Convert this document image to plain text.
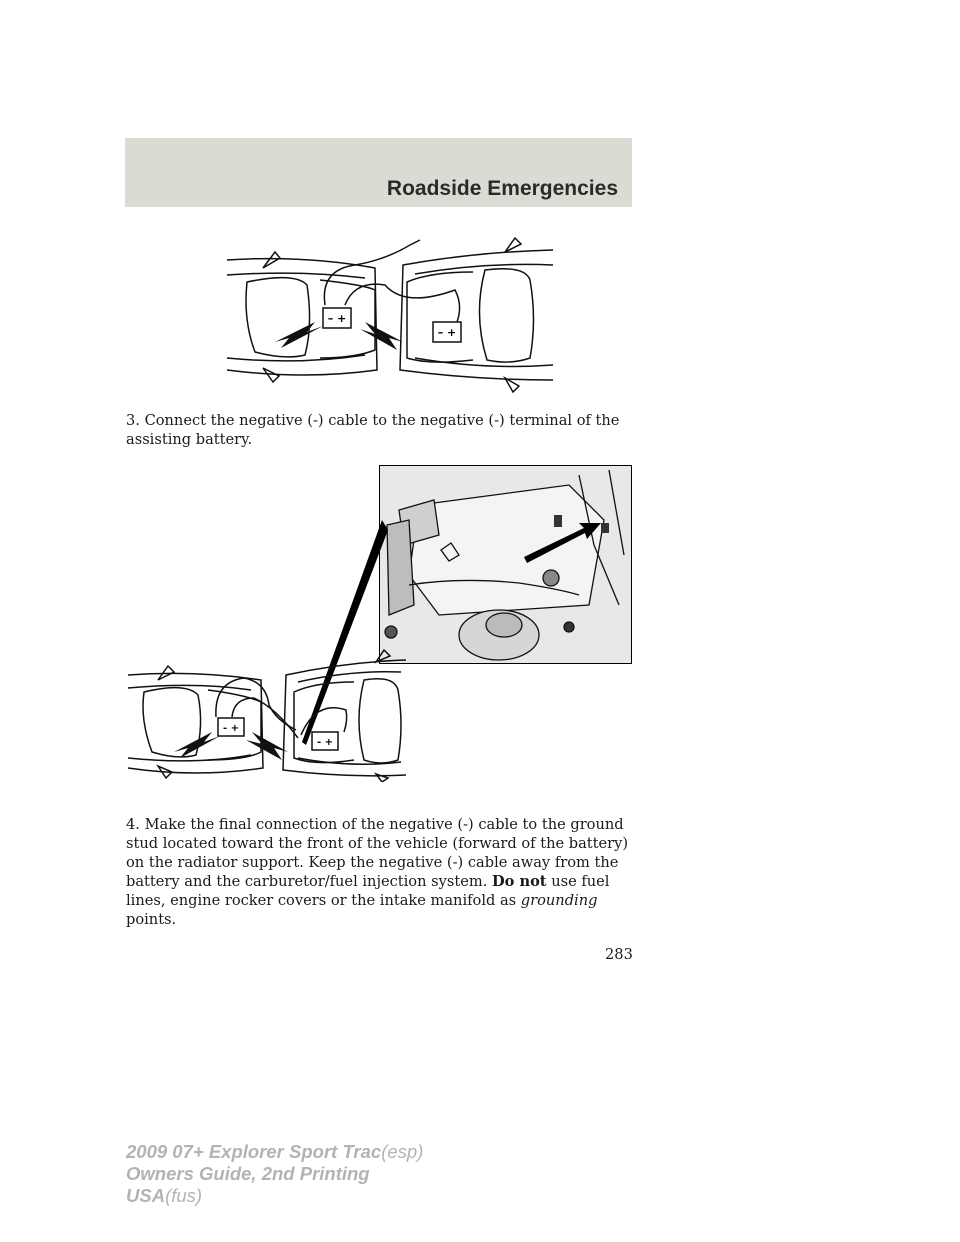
Roadside Emergencies
– +
– +
3. Connect the negative (-) cable to the negative (-) terminal of the assisting battery.
- +
- +
4. Make the final connection of the negative (-) cable to the ground stud located toward the front of the vehicle (forward of the battery) on the radiator support. Keep the negative (-) cable away from the battery and the carburetor/fuel injection system. Do not use fuel lines, engine rocker covers or the intake manifold as grounding points.
283
2009 07+ Explorer Sport Trac(esp)
Owners Guide, 2nd Printing
USA(fus)
